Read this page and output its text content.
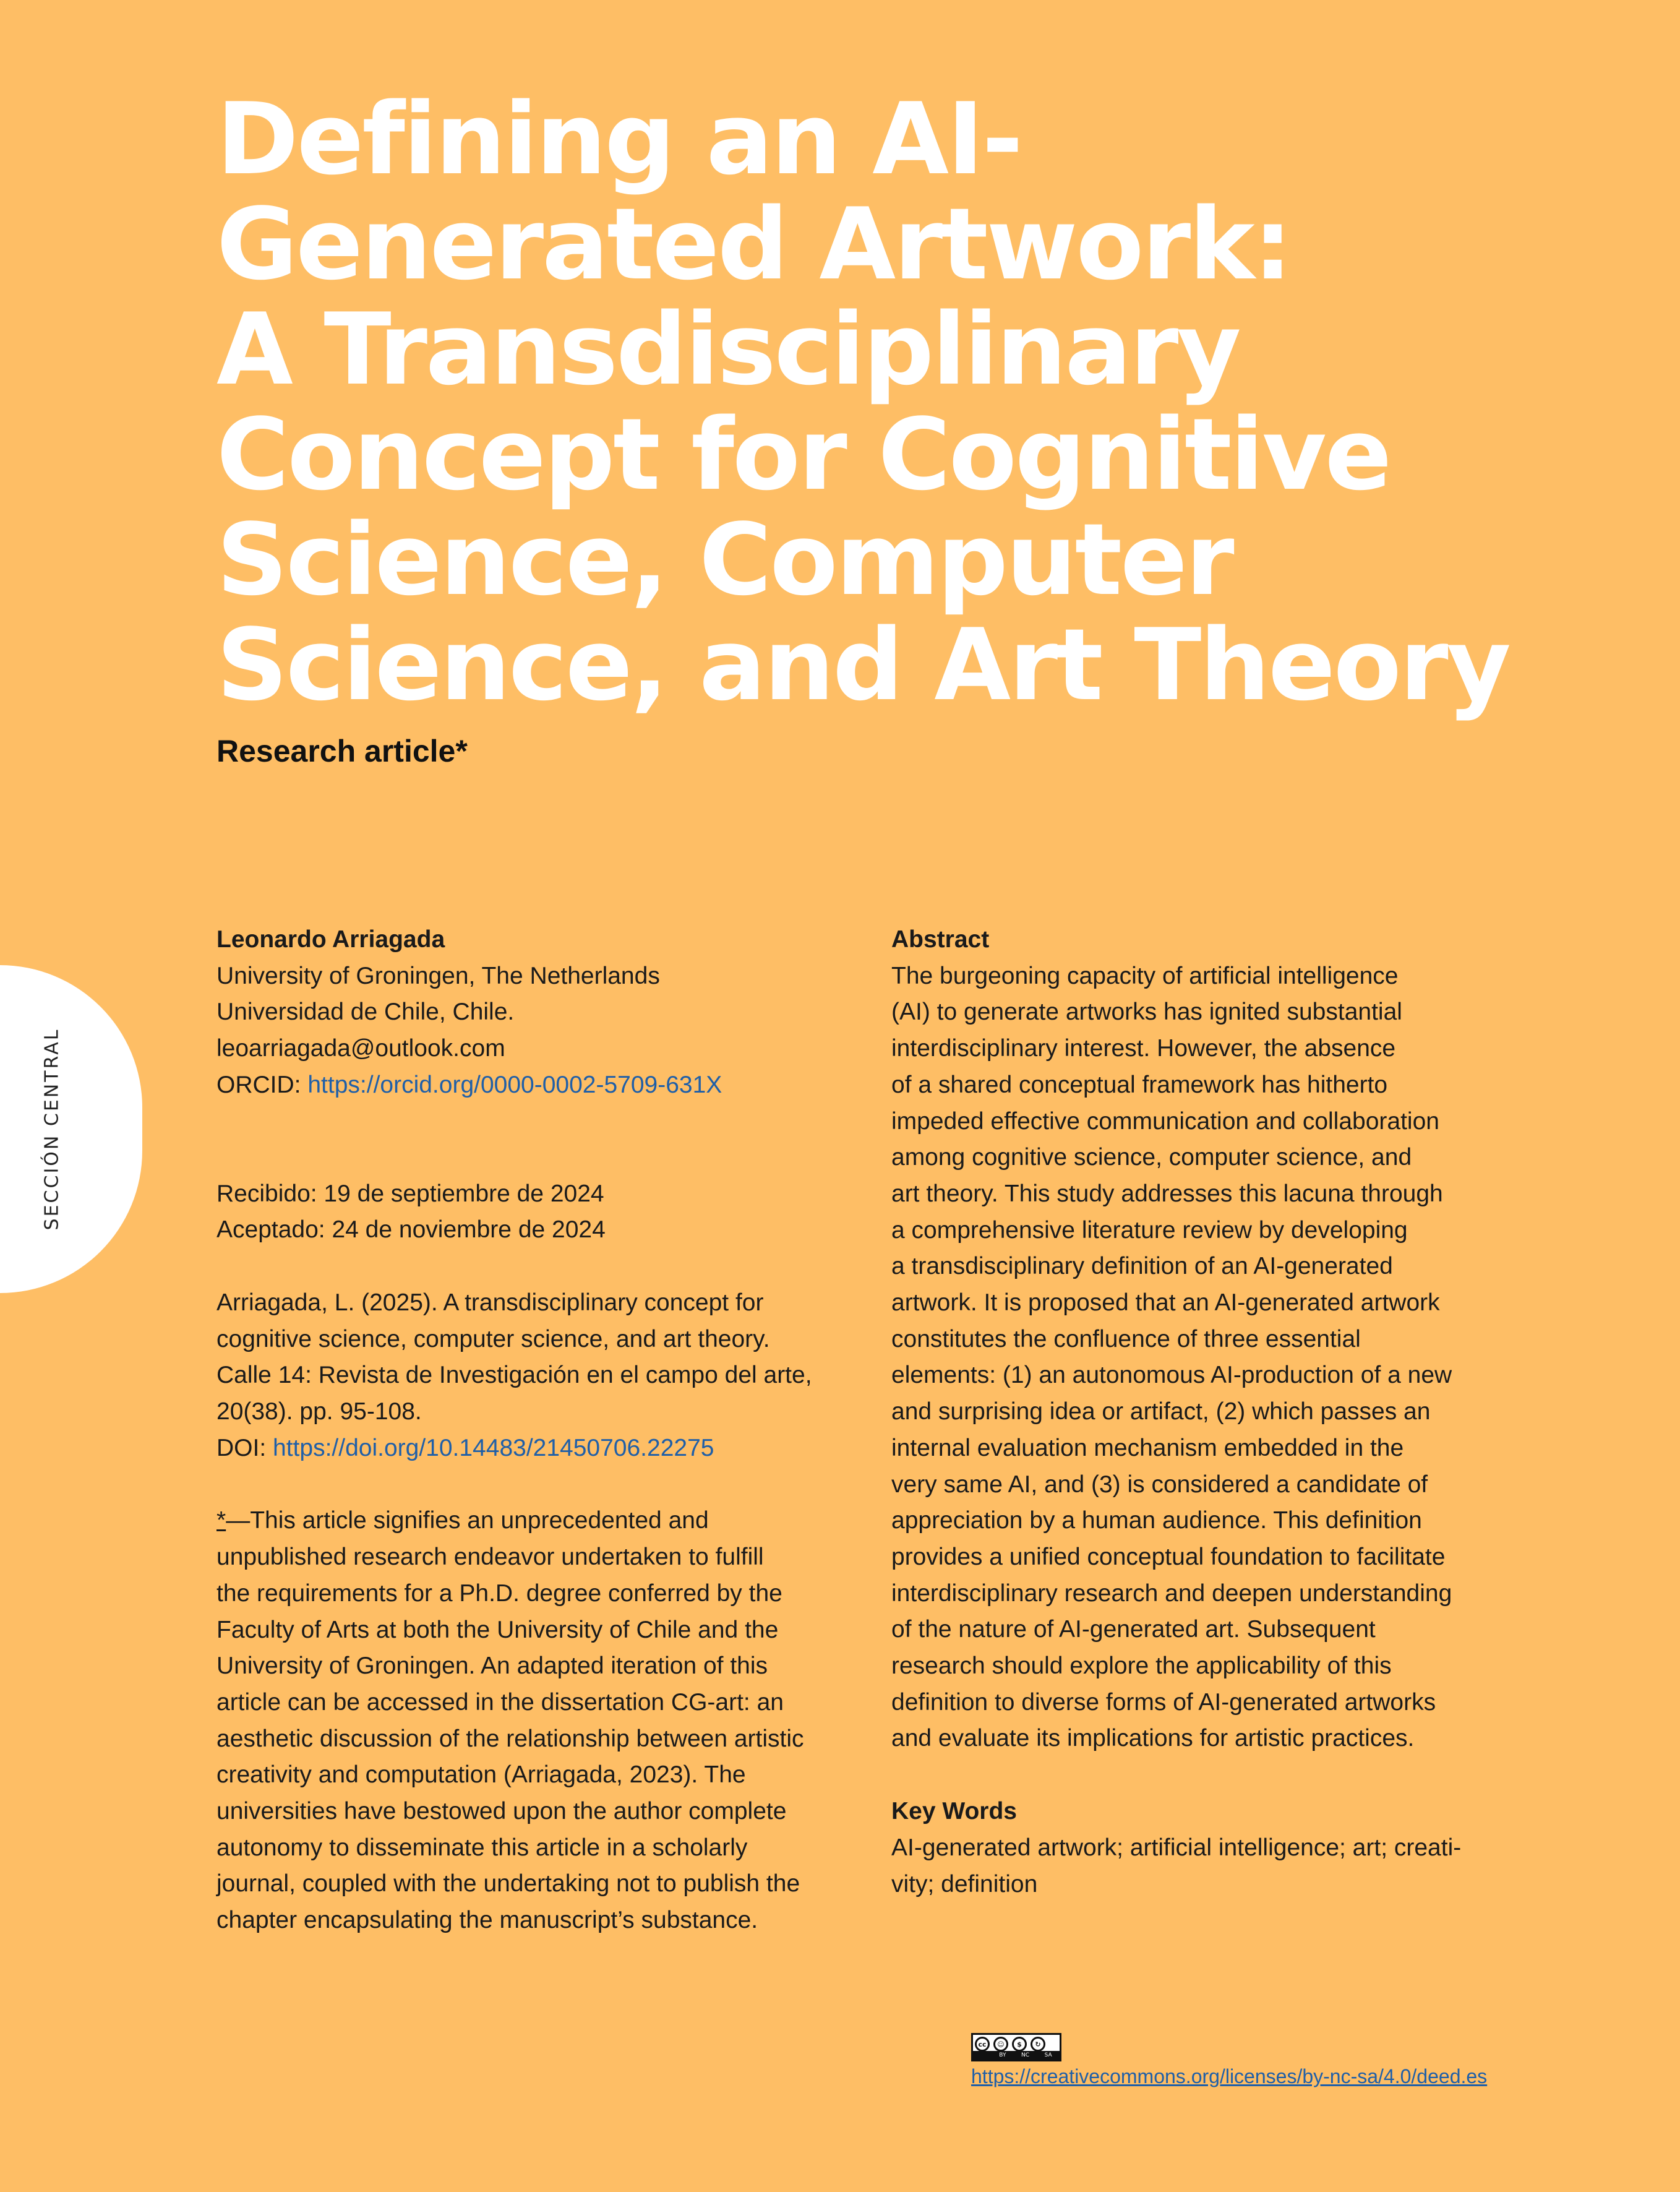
Defining an AI-
Generated Artwork:
A Transdisciplinary
Concept for Cognitive
Science, Computer
Science, and Art Theory
Research article*
SECCIÓN CENTRAL
Leonardo Arriagada
University of Groningen, The Netherlands
Universidad de Chile, Chile.
leoarriagada@outlook.com
ORCID: https://orcid.org/0000-0002-5709-631X
Recibido: 19 de septiembre de 2024
Aceptado: 24 de noviembre de 2024
Arriagada, L. (2025). A transdisciplinary concept for
cognitive science, computer science, and art theory.
Calle 14: Revista de Investigación en el campo del arte,
20(38). pp. 95-108.
DOI: https://doi.org/10.14483/21450706.22275
*—This article signifies an unprecedented and
unpublished research endeavor undertaken to fulfill
the requirements for a Ph.D. degree conferred by the
Faculty of Arts at both the University of Chile and the
University of Groningen. An adapted iteration of this
article can be accessed in the dissertation CG-art: an
aesthetic discussion of the relationship between artistic
creativity and computation (Arriagada, 2023). The
universities have bestowed upon the author complete
autonomy to disseminate this article in a scholarly
journal, coupled with the undertaking not to publish the
chapter encapsulating the manuscript’s substance.
Abstract
The burgeoning capacity of artificial intelligence
(AI) to generate artworks has ignited substantial
interdisciplinary interest. However, the absence
of a shared conceptual framework has hitherto
impeded effective communication and collaboration
among cognitive science, computer science, and
art theory. This study addresses this lacuna through
a comprehensive literature review by developing
a transdisciplinary definition of an AI-generated
artwork. It is proposed that an AI-generated artwork
constitutes the confluence of three essential
elements: (1) an autonomous AI-production of a new
and surprising idea or artifact, (2) which passes an
internal evaluation mechanism embedded in the
very same AI, and (3) is considered a candidate of
appreciation by a human audience. This definition
provides a unified conceptual foundation to facilitate
interdisciplinary research and deepen understanding
of the nature of AI-generated art. Subsequent
research should explore the applicability of this
definition to diverse forms of AI-generated artworks
and evaluate its implications for artistic practices.
Key Words
AI-generated artwork; artificial intelligence; art; creati-
vity; definition
cc	☺	$	↻
BY	NC	SA
https://creativecommons.org/licenses/by-nc-sa/4.0/deed.es
